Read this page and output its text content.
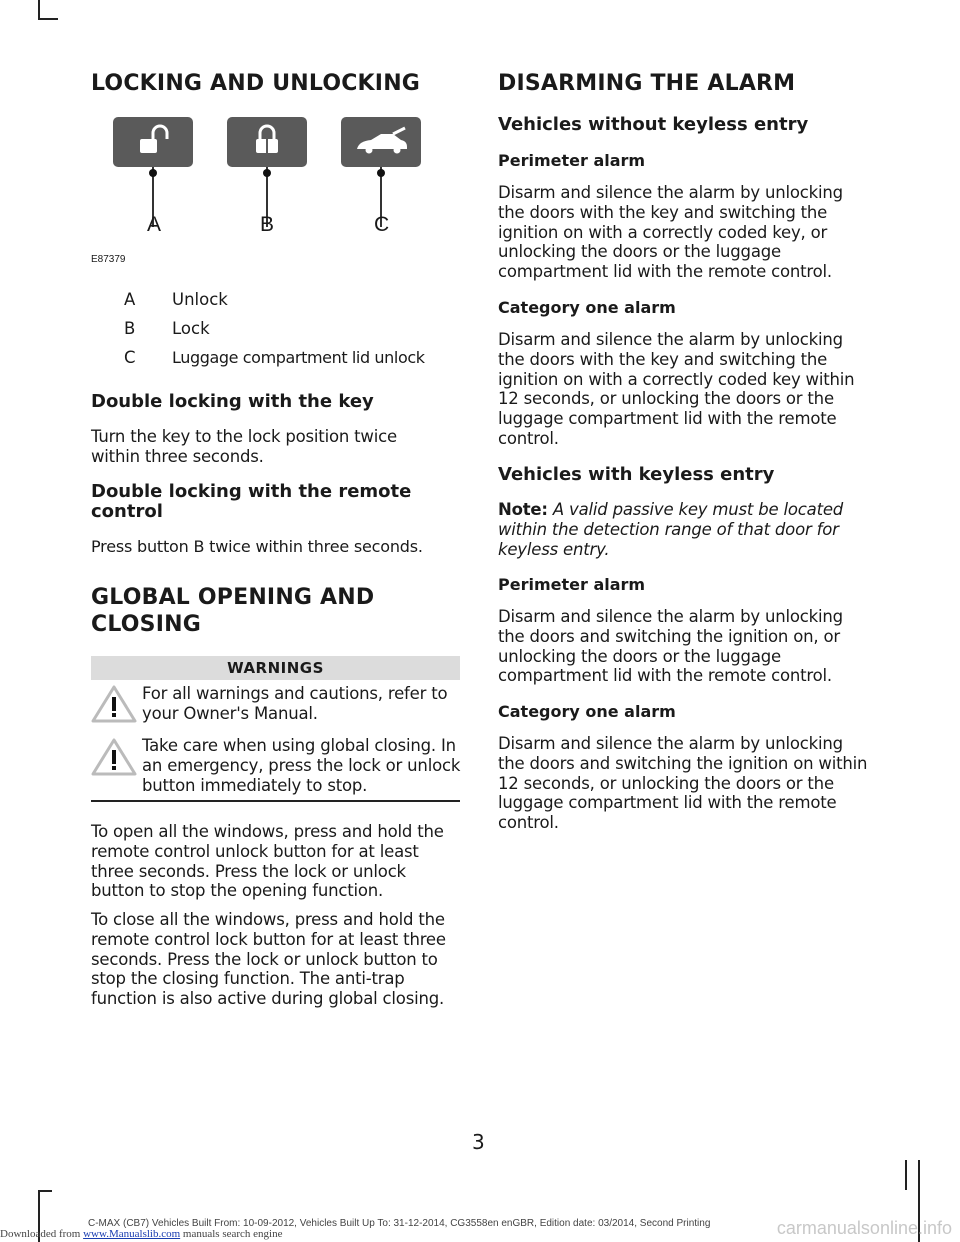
LOCKING AND UNLOCKING
A	B	C
E87379
A Unlock
B Lock
C Luggage compartment lid unlock
Double locking with the key

Turn the key to the lock position twice within three seconds.

Double locking with the remote control

Press button B twice within three seconds.

GLOBAL OPENING AND
CLOSING
WARNINGS

For all warnings and cautions, refer to your Owner's Manual.

Take care when using global closing. In an emergency, press the lock or unlock button immediately to stop.

To open all the windows, press and hold the remote control unlock button for at least three seconds. Press the lock or unlock button to stop the opening function.

To close all the windows, press and hold the remote control lock button for at least three seconds. Press the lock or unlock button to stop the closing function. The anti-trap function is also active during global closing.

DISARMING THE ALARM
Vehicles without keyless entry
Perimeter alarm

Disarm and silence the alarm by unlocking the doors with the key and switching the ignition on with a correctly coded key, or unlocking the doors or the luggage compartment lid with the remote control.

Category one alarm

Disarm and silence the alarm by unlocking the doors with the key and switching the ignition on with a correctly coded key within 12 seconds, or unlocking the doors or the luggage compartment lid with the remote control.

Vehicles with keyless entry

Note: A valid passive key must be located within the detection range of that door for keyless entry.

Perimeter alarm

Disarm and silence the alarm by unlocking the doors and switching the ignition on, or unlocking the doors or the luggage compartment lid with the remote control.

Category one alarm

Disarm and silence the alarm by unlocking the doors and switching the ignition on within 12 seconds, or unlocking the doors or the luggage compartment lid with the remote control.

3
C-MAX (CB7) Vehicles Built From: 10-09-2012, Vehicles Built Up To: 31-12-2014, CG3558en enGBR, Edition date: 03/2014, Second Printing
Downloaded from www.Manualslib.com manuals search engine	carmanualsonline.info
